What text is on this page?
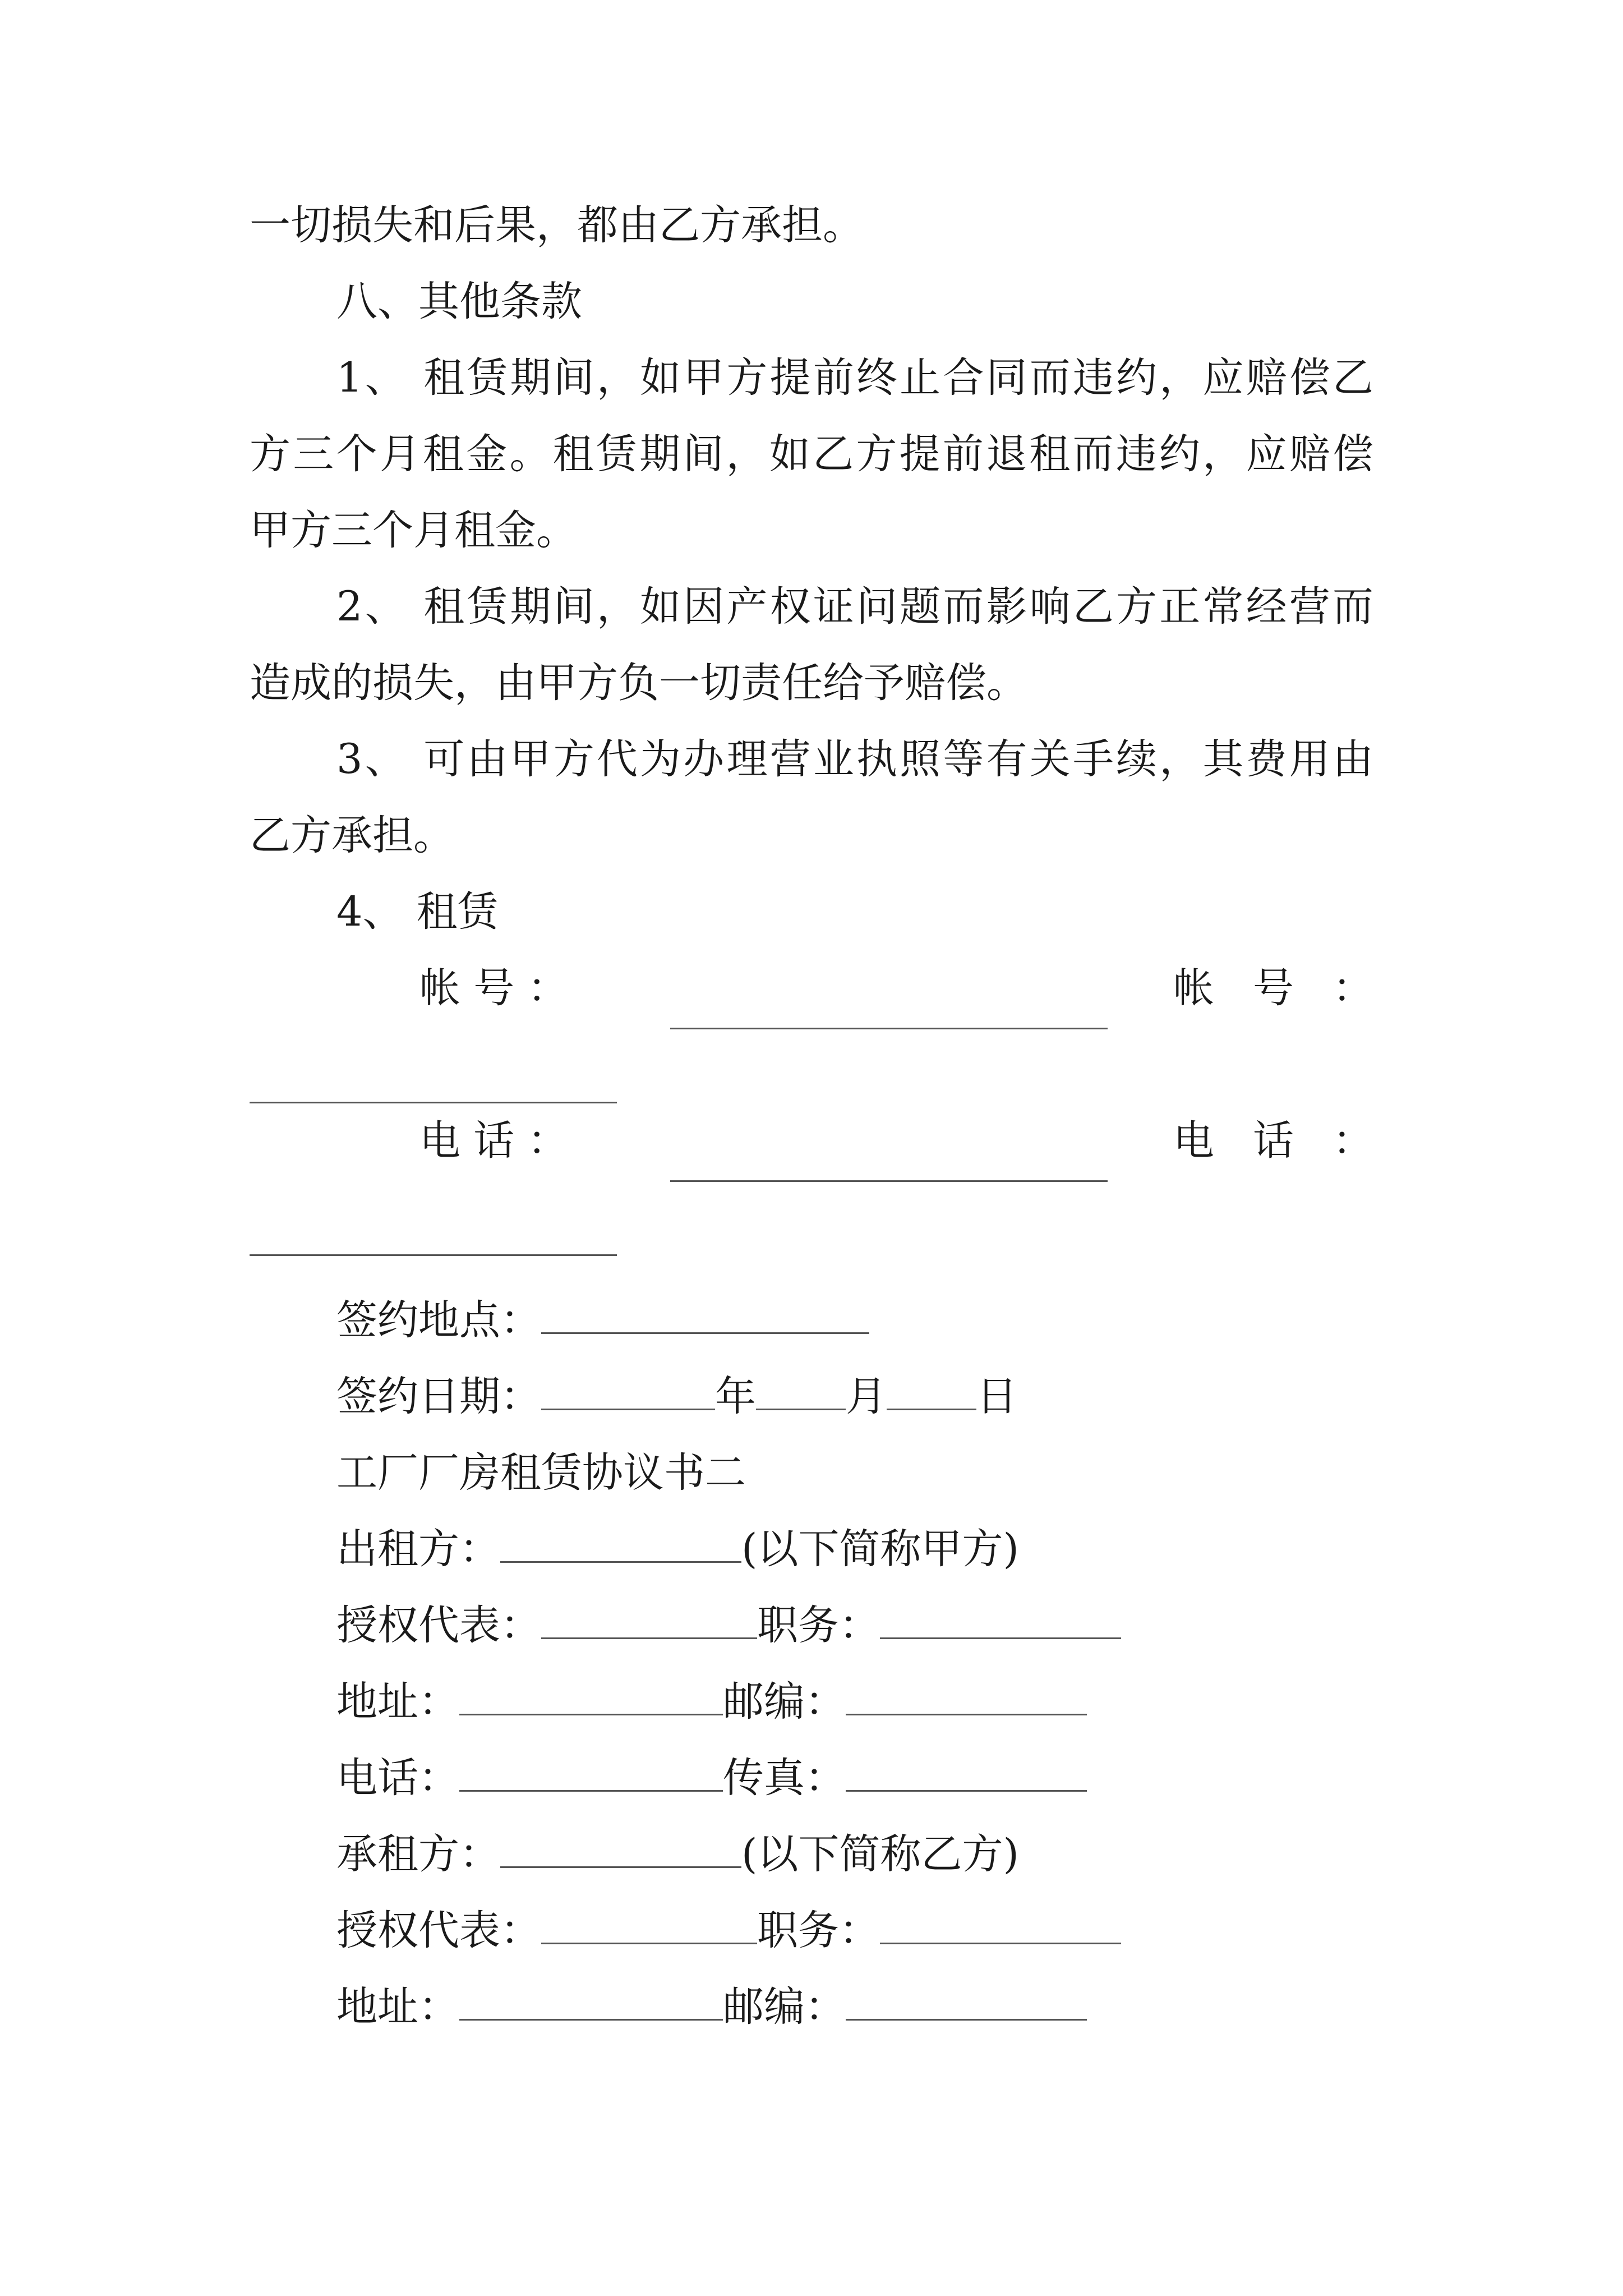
一切损失和后果，都由乙方承担。
八、其他条款
1、 租赁期间，如甲方提前终止合同而违约，应赔偿乙
方三个月租金。租赁期间，如乙方提前退租而违约，应赔偿
甲方三个月租金。
2、 租赁期间，如因产权证问题而影响乙方正常经营而
造成的损失，由甲方负一切责任给予赔偿。
3、 可由甲方代为办理营业执照等有关手续，其费用由
乙方承担。
4、 租赁
帐 号 ：	帐 号 ：
电 话 ：	电 话 ：
签约地点：
签约日期：	年 月 日
工厂厂房租赁协议书二
出租方：	(以下简称甲方)
授权代表：	职务：
地址：	邮编：
电话：	传真：
承租方：	(以下简称乙方)
授权代表：	职务：
地址：	邮编：
